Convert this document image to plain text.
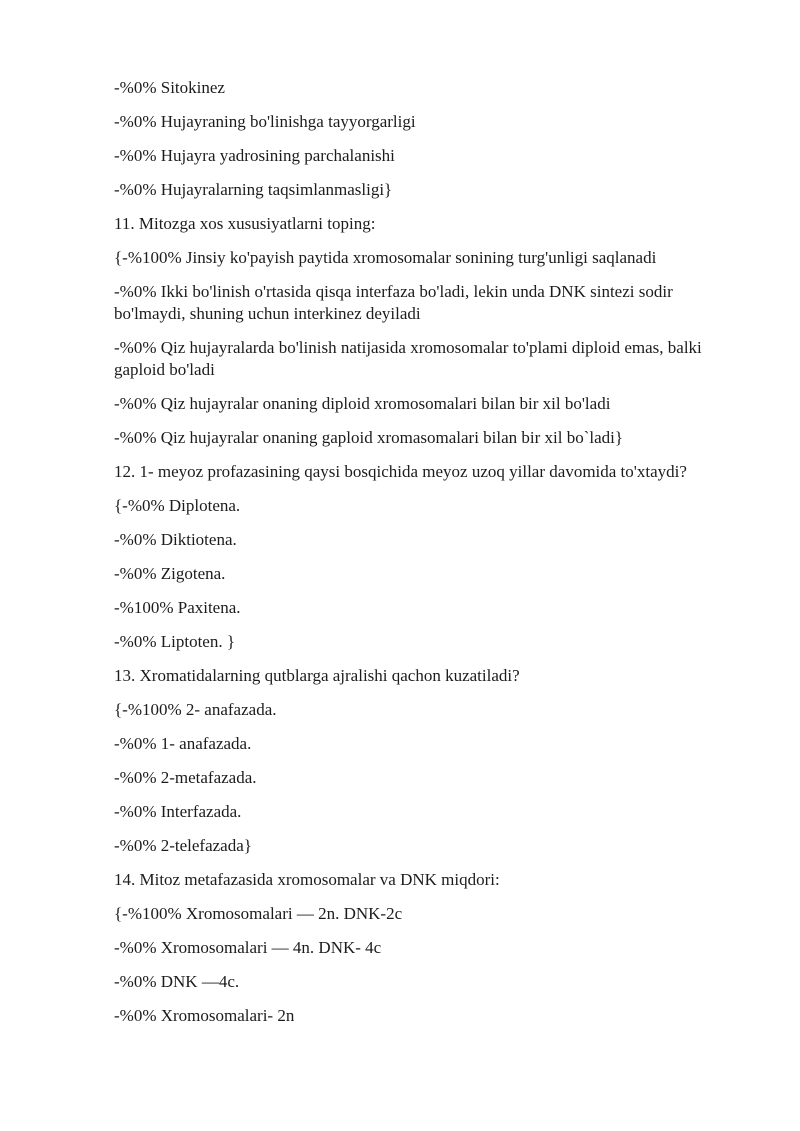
-%0% Sitokinez

-%0% Hujayraning bo'linishga tayyorgarligi

-%0% Hujayra yadrosining parchalanishi

-%0% Hujayralarning taqsimlanmasligi}

11. Mitozga xos xususiyatlarni toping:

{-%100% Jinsiy ko'payish paytida xromosomalar sonining turg'unligi saqlanadi

-%0% Ikki bo'linish o'rtasida qisqa interfaza bo'ladi, lekin unda DNK sintezi sodir bo'lmaydi, shuning uchun interkinez deyiladi

-%0% Qiz hujayralarda bo'linish natijasida xromosomalar to'plami diploid emas, balki gaploid bo'ladi

-%0% Qiz hujayralar onaning diploid xromosomalari bilan bir xil bo'ladi

-%0% Qiz hujayralar onaning gaploid xromasomalari bilan bir xil bo`ladi}

12. 1- meyoz profazasining qaysi bosqichida meyoz uzoq yillar davomida to'xtaydi?

{-%0% Diplotena.

-%0% Diktiotena.

-%0% Zigotena.

-%100% Paxitena.

-%0% Liptoten. }

13. Xromatidalarning qutblarga ajralishi qachon kuzatiladi?

{-%100% 2- anafazada.

-%0% 1- anafazada.

-%0% 2-metafazada.

-%0% Interfazada.

-%0% 2-telefazada}

14. Mitoz metafazasida xromosomalar va DNK miqdori:

{-%100% Xromosomalari — 2n. DNK-2c

-%0% Xromosomalari — 4n. DNK- 4c

-%0% DNK —4c.

-%0% Xromosomalari- 2n
